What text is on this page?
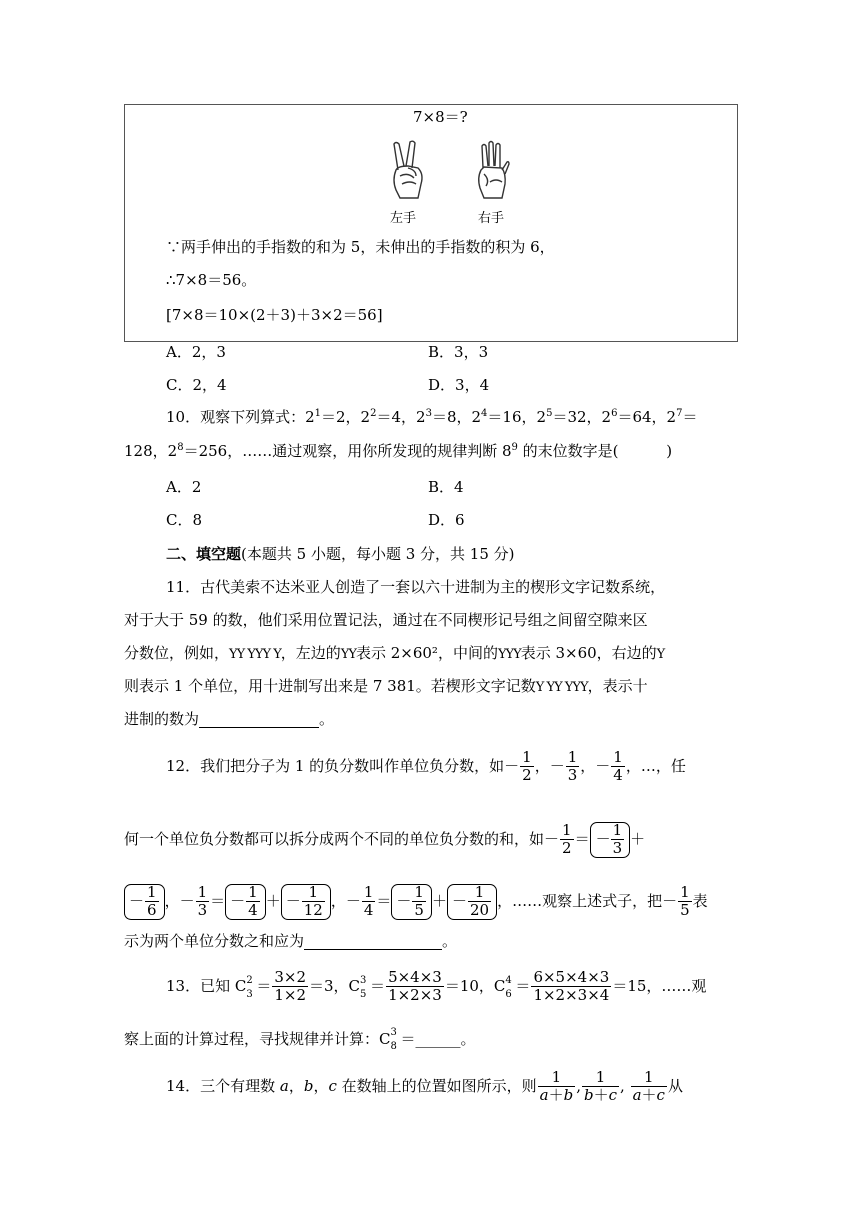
7×8＝?
左手	右手
∵两手伸出的手指数的和为 5，未伸出的手指数的积为 6，
∴7×8＝56。
[7×8＝10×(2＋3)＋3×2＝56]
A．2，3	B．3，3
C．2，4	D．3，4
10．观察下列算式：$2^1=2$，$2^2=4$，$2^3=8$，$2^4=16$，$2^5=32$，$2^6=64$，$2^7=$
128，$2^8=256$，……通过观察，用你所发现的规律判断 $8^9$ 的末位数字是(          )
A．2	B．4
C．8	D．6
二、填空题(本题共 5 小题，每小题 3 分，共 15 分)
11．古代美索不达米亚人创造了一套以六十进制为主的楔形文字记数系统，
对于大于 59 的数，他们采用位置记法，通过在不同楔形记号组之间留空隙来区
分数位，例如，ΥΥ ΥΥΥ Υ，左边的ΥΥ表示 2×60²，中间的ΥΥΥ表示 3×60，右边的Υ
则表示 1 个单位，用十进制写出来是 7 381。若楔形文字记数Υ ΥΥ ΥΥΥ，表示十
进制的数为	。
12．我们把分子为 1 的负分数叫作单位负分数，如－ $\frac{1}{2}$ ，－ $\frac{1}{3}$ ，－ $\frac{1}{4}$ ，…，任
何一个单位负分数都可以拆分成两个不同的单位负分数的和，如－ $\frac{1}{2}$ ＝ － $\frac{1}{3}$ ＋
－ $\frac{1}{6}$ ，－ $\frac{1}{3}$ ＝ － $\frac{1}{4}$ ＋ － $\frac{1}{12}$ ，－ $\frac{1}{4}$ ＝ － $\frac{1}{5}$ ＋ － $\frac{1}{20}$ ，……观察上述式子，把－ $\frac{1}{5}$ 表
示为两个单位分数之和应为	。
13．已知 C 2
$3 = \frac{3\times 2}{1\times 2} =3$，C 3
$5 = \frac{5\times 4\times 3}{1\times 2\times 3} =10$，C 4
$6 = \frac{6\times 5\times 4\times 3}{1\times 2\times 3\times 4} =15$，……观
察上面的计算过程，寻找规律并计算：C 3
8 ＝______。
14．三个有理数 a，b，c 在数轴上的位置如图所示，则 $\frac{1}{a+b}$ , $\frac{1}{b+c}$ , $\frac{1}{a+c}$ 从
